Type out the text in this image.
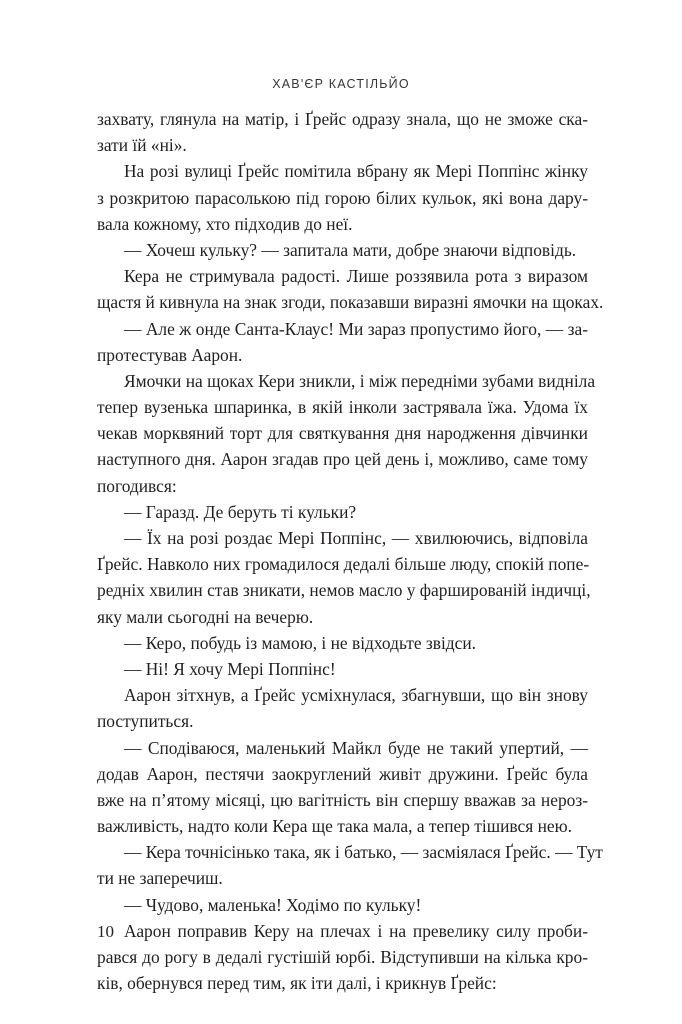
ХАВ'ЄР КАСТІЛЬЙО
захвату, глянула на матір, і Ґрейс одразу знала, що не зможе ска-
зати їй «ні».
На розі вулиці Ґрейс помітила вбрану як Мері Поппінс жінку
з розкритою парасолькою під горою білих кульок, які вона дару-
вала кожному, хто підходив до неї.
— Хочеш кульку? — запитала мати, добре знаючи відповідь.
Кера не стримувала радості. Лише роззявила рота з виразом
щастя й кивнула на знак згоди, показавши виразні ямочки на щоках.
— Але ж онде Санта-Клаус! Ми зараз пропустимо його, — за-
протестував Аарон.
Ямочки на щоках Кери зникли, і між передніми зубами видніла
тепер вузенька шпаринка, в якій інколи застрявала їжа. Удома їх
чекав морквяний торт для святкування дня народження дівчинки
наступного дня. Аарон згадав про цей день і, можливо, саме тому
погодився:
— Гаразд. Де беруть ті кульки?
— Їх на розі роздає Мері Поппінс, — хвилюючись, відповіла
Ґрейс. Навколо них громадилося дедалі більше люду, спокій попе-
редніх хвилин став зникати, немов масло у фаршированій індичці,
яку мали сьогодні на вечерю.
— Керо, побудь із мамою, і не відходьте звідси.
— Ні! Я хочу Мері Поппінс!
Аарон зітхнув, а Ґрейс усміхнулася, збагнувши, що він знову
поступиться.
— Сподіваюся, маленький Майкл буде не такий упертий, —
додав Аарон, пестячи заокруглений живіт дружини. Ґрейс була
вже на п’ятому місяці, цю вагітність він спершу вважав за нероз-
важливість, надто коли Кера ще така мала, а тепер тішився нею.
— Кера точнісінько така, як і батько, — засміялася Ґрейс. — Тут
ти не заперечиш.
— Чудово, маленька! Ходімо по кульку!
Аарон поправив Керу на плечах і на превелику силу проби-
рався до рогу в дедалі густішій юрбі. Відступивши на кілька кро-
ків, обернувся перед тим, як іти далі, і крикнув Ґрейс:
10
